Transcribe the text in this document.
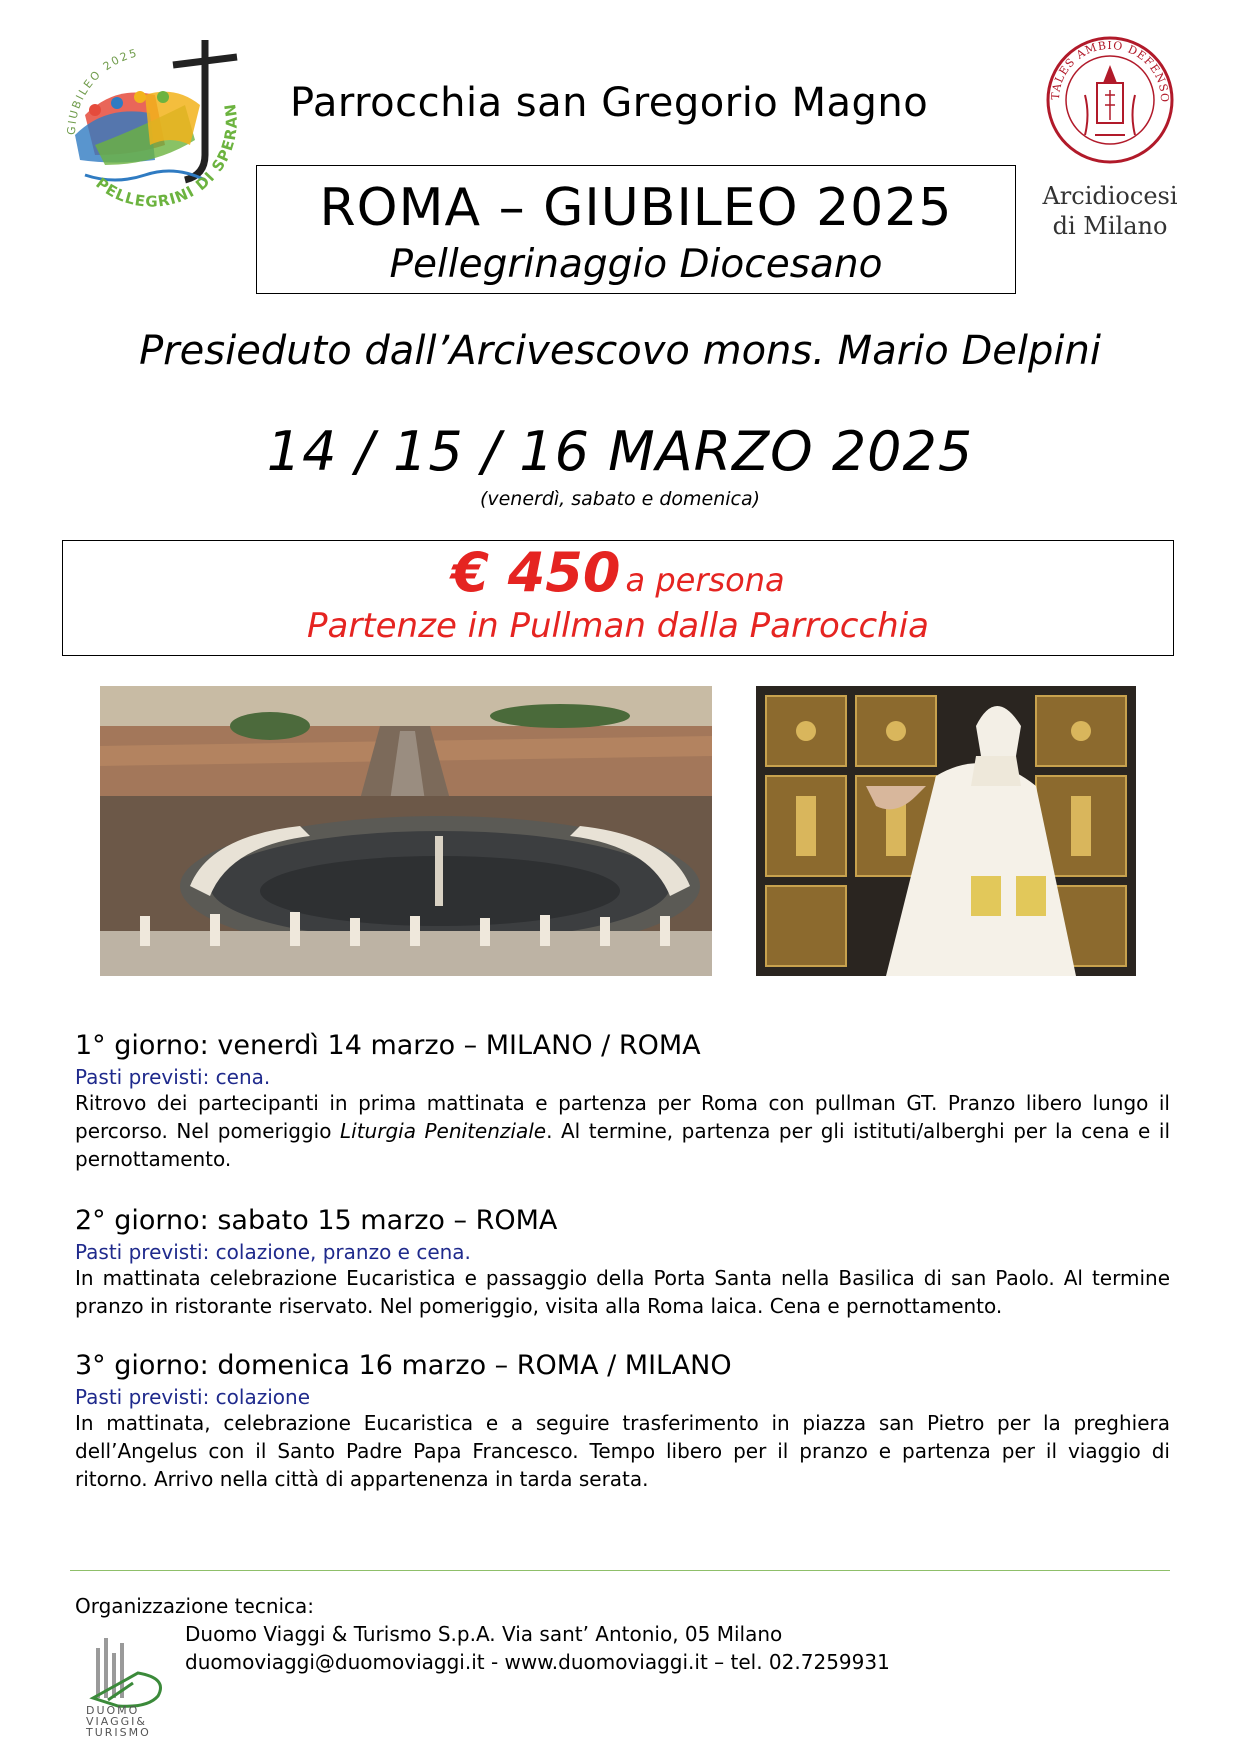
GIUBILEO 2025
PELLEGRINI DI SPERAN
TALES AMBIO DEFENSO
Arcidiocesi
di Milano
Parrocchia san Gregorio Magno
ROMA – GIUBILEO 2025
Pellegrinaggio Diocesano
Presieduto dall’Arcivescovo mons. Mario Delpini
14 / 15 / 16 MARZO 2025
(venerdì, sabato e domenica)
€ 450 a persona
Partenze in Pullman dalla Parrocchia
1° giorno: venerdì 14 marzo – MILANO / ROMA
Pasti previsti: cena.
Ritrovo dei partecipanti in prima mattinata e partenza per Roma con pullman GT. Pranzo libero lungo il percorso. Nel pomeriggio Liturgia Penitenziale. Al termine, partenza per gli istituti/alberghi per la cena e il pernottamento.
2° giorno: sabato 15 marzo – ROMA
Pasti previsti: colazione, pranzo e cena.
In mattinata celebrazione Eucaristica e passaggio della Porta Santa nella Basilica di san Paolo. Al termine pranzo in ristorante riservato. Nel pomeriggio, visita alla Roma laica. Cena e pernottamento.
3° giorno: domenica 16 marzo – ROMA / MILANO
Pasti previsti: colazione
In mattinata, celebrazione Eucaristica e a seguire trasferimento in piazza san Pietro per la preghiera dell’Angelus con il Santo Padre Papa Francesco. Tempo libero per il pranzo e partenza per il viaggio di ritorno. Arrivo nella città di appartenenza in tarda serata.
Organizzazione tecnica:
Duomo Viaggi & Turismo S.p.A. Via sant’ Antonio, 05 Milano
duomoviaggi@duomoviaggi.it - www.duomoviaggi.it – tel. 02.7259931
DUOMO
VIAGGI&
TURISMO
